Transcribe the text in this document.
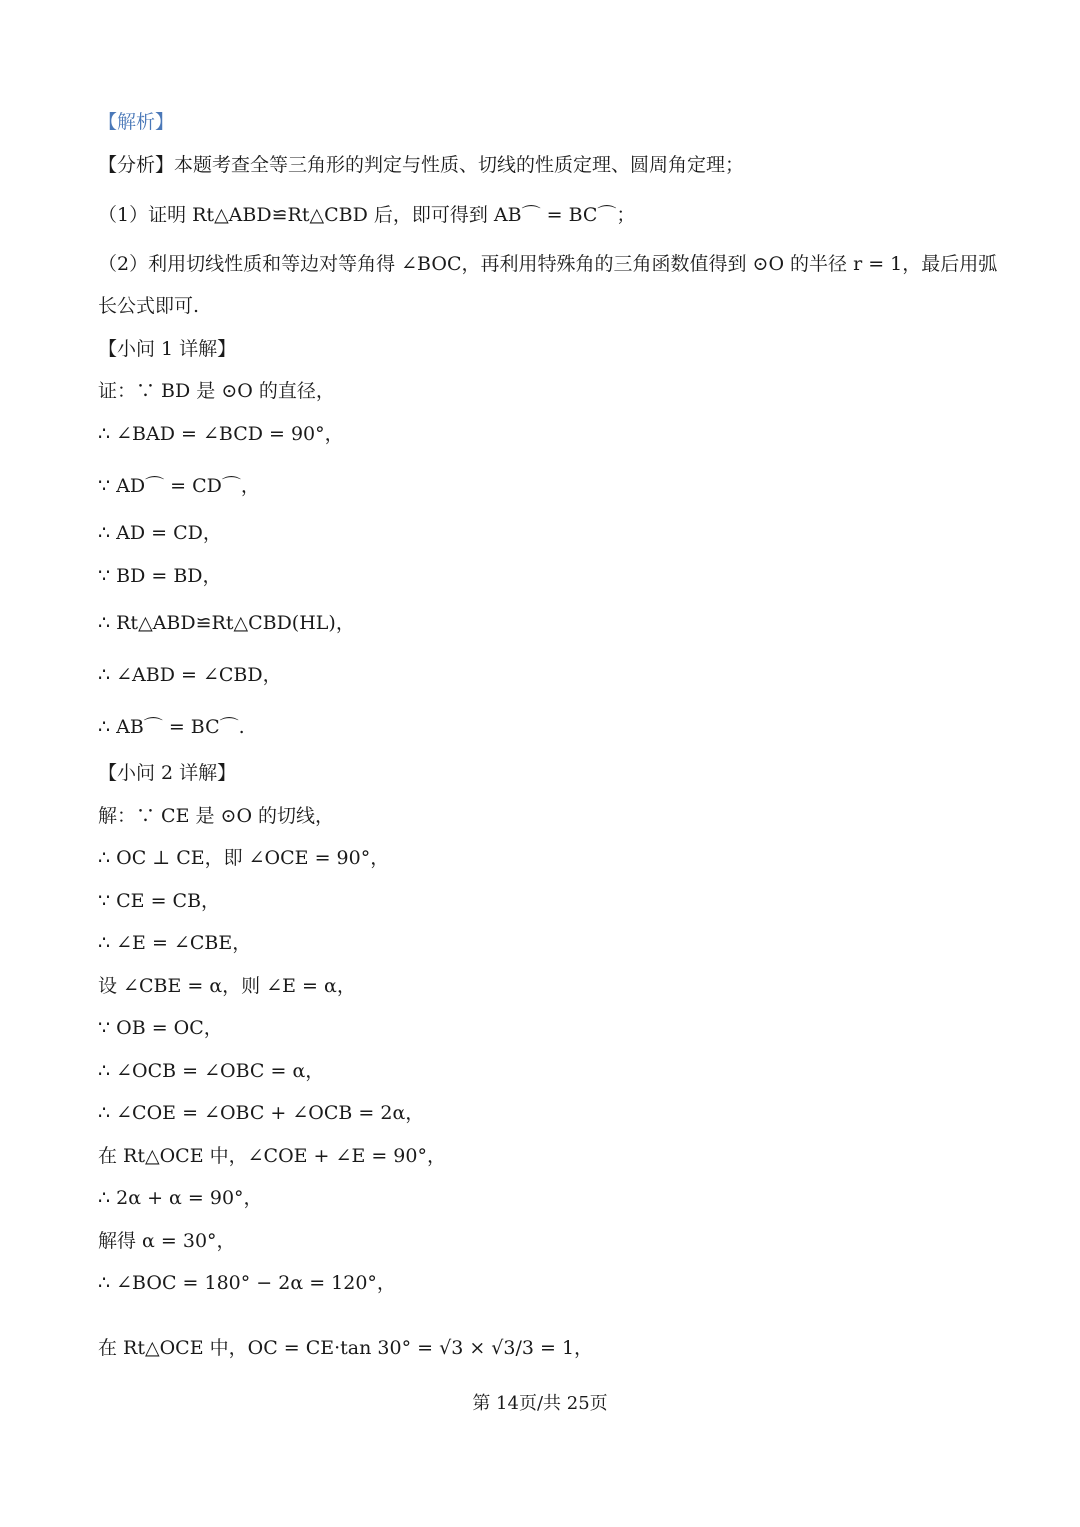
【解析】
【分析】本题考查全等三角形的判定与性质、切线的性质定理、圆周角定理；
（1）证明 Rt△ABD≌Rt△CBD 后，即可得到 AB⌒ = BC⌒；
（2）利用切线性质和等边对等角得 ∠BOC，再利用特殊角的三角函数值得到 ⊙O 的半径 r = 1，最后用弧
长公式即可.
【小问 1 详解】
证：∵ BD 是 ⊙O 的直径，
∴ ∠BAD = ∠BCD = 90°，
∵ AD⌒ = CD⌒，
∴ AD = CD，
∵ BD = BD，
∴ Rt△ABD≌Rt△CBD(HL)，
∴ ∠ABD = ∠CBD，
∴ AB⌒ = BC⌒.
【小问 2 详解】
解：∵ CE 是 ⊙O 的切线，
∴ OC ⊥ CE，即 ∠OCE = 90°，
∵ CE = CB，
∴ ∠E = ∠CBE，
设 ∠CBE = α，则 ∠E = α，
∵ OB = OC，
∴ ∠OCB = ∠OBC = α，
∴ ∠COE = ∠OBC + ∠OCB = 2α，
在 Rt△OCE 中，∠COE + ∠E = 90°，
∴ 2α + α = 90°，
解得 α = 30°，
∴ ∠BOC = 180° − 2α = 120°，
在 Rt△OCE 中，OC = CE·tan 30° = √3 × √3/3 = 1，
第 14页/共 25页
